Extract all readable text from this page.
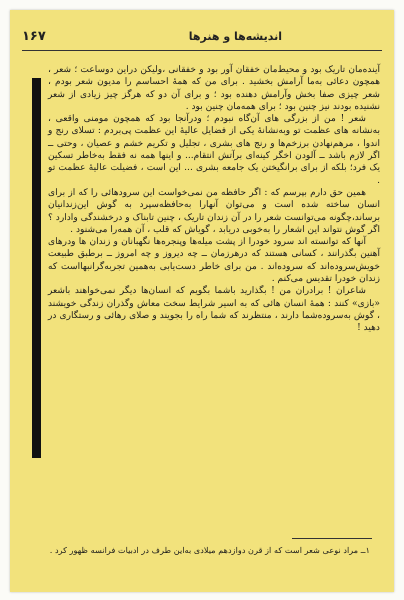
۱۶۷	اندیشه‌ها و هنرها

آینده‌مان تاریک بود و محیط‌مان خفقان آور بود و خفقانی ،ولیکن دراین دوساعت ؛ شعر ، همچون دعائی به‌ما آرامش بخشید . برای من که همهٔ احساسم را مدیون شعر بودم ، شعر چیزی صفا بخش وآرامش دهنده بود ؛ و برای آن دو که هرگز چیز زیادی از شعر نشنیده بودند نیز چنین بود ؛ برای همه‌مان چنین بود .

شعر ! من از بزرگی های آن‌گاه نبودم ؛ ودرآنجا بود که همچون مومنی واقعی ، به‌نشانه های عظمت تو وبه‌نشانهٔ یکی از فضایل عالیهٔ این عظمت پی‌بردم : تسلای رنج و اندوا ، مرهم‌نهادن برزخم‌ها و رنج های بشری ، تجلیل و تکریم خشم و عصیان ، وحتی ــ اگر لازم باشد ــ آلودن اخگر کینه‌ای برآتش انتقام... و اینها همه نه فقط به‌خاطر تسکین یک فرد؛ بلکه از برای برانگیختن یک جامعه بشری ... این است ، فضیلت عالیهٔ عظمت تو .

همین حق دارم بپرسم که : اگر حافظه من نمی‌خواست این سرود‌هائی را که از برای انسان ساخته شده است و می‌توان آنهارا به‌حافظه‌سپرد به گوش این‌زندانیان برساند،چگونه می‌توانست شعر را در آن زندان تاریک ، چنین تابناک و درخشندگی وادارد ؟ اگر گوش نتواند این اشعار را به‌خوبی دریابد ، گویاش که قلب ، آن همه‌را می‌شنود .

آنها که توانسته اند سرود خودرا از پشت میله‌ها وپنجره‌ها نگهبانان و زندان ها ودرهای آهنین بگذرانند ، کسانی هستند که درهرزمان ــ چه‌ دیروز و چه امروز ــ برطبق طبیعت خویش‌سروده‌اند که سروده‌اند . من برای خاطر دست‌یابی به‌همین تجربه‌گرانبهااست که زندان خودرا تقدیس می‌کنم .

شاعران ! برادران من ! بگذارید باشما بگویم که انسان‌ها دیگر نمی‌خواهند باشعر «بازی» کنند : همهٔ انسان هائی که به اسیر شرایط سخت معاش وگذران زندگی خویشند ، گوش به‌سروده‌شما دارند ، منتظرند که شما راه را بجویند و صلای رهائی و رستگاری در دهید !

۱ــ مراد نوعی شعر است که از قرن دوازدهم میلادی به‌این طرف در ادبیات فرانسه ظهور کرد .
